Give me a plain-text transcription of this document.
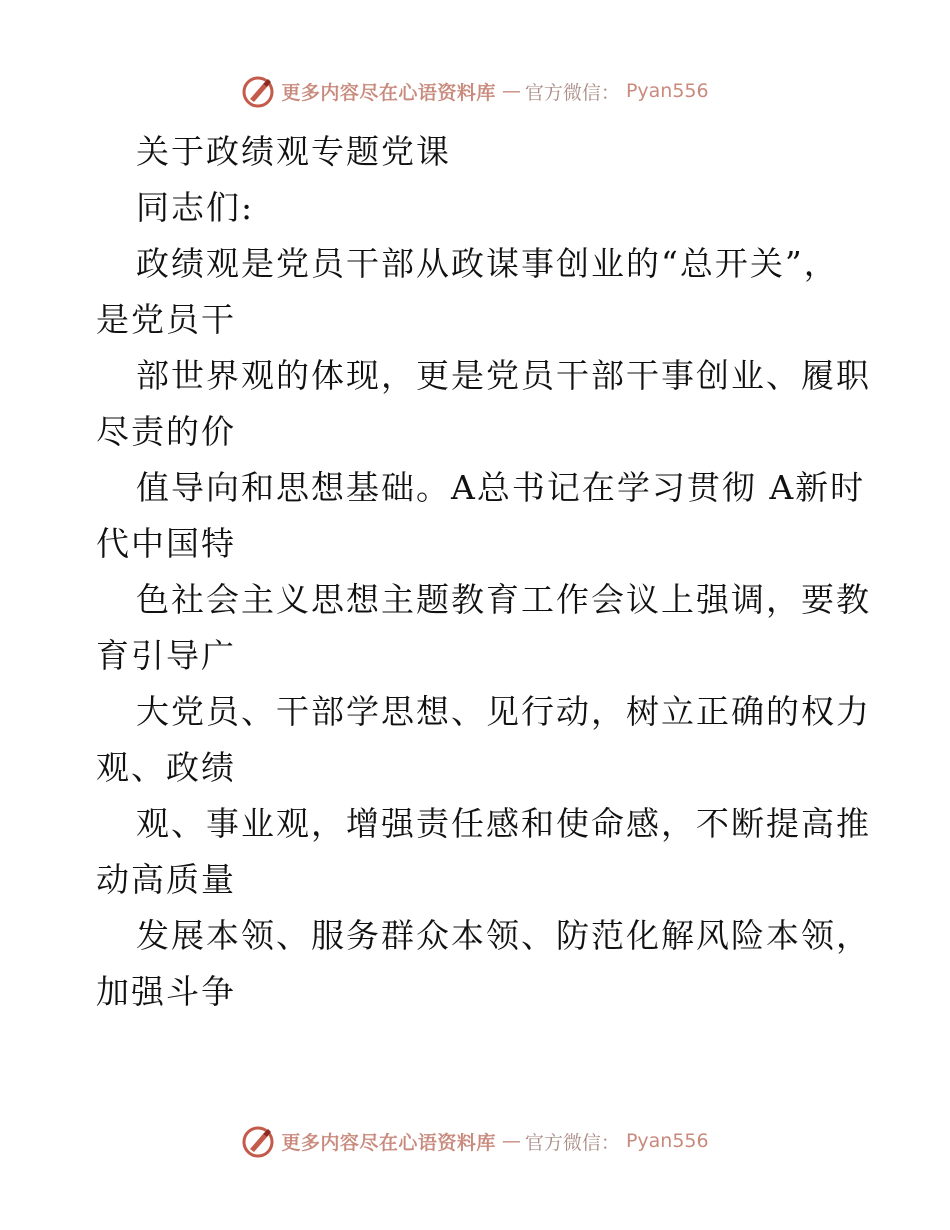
更多内容尽在心语资料库 — 官方微信： Pyan556
关于政绩观专题党课
同志们:
政绩观是党员干部从政谋事创业的“总开关”，
是党员干
部世界观的体现，更是党员干部干事创业、履职
尽责的价
值导向和思想基础。A总书记在学习贯彻 A新时
代中国特
色社会主义思想主题教育工作会议上强调，要教
育引导广
大党员、干部学思想、见行动，树立正确的权力
观、政绩
观、事业观，增强责任感和使命感，不断提高推
动高质量
发展本领、服务群众本领、防范化解风险本领，
加强斗争
更多内容尽在心语资料库 — 官方微信： Pyan556
